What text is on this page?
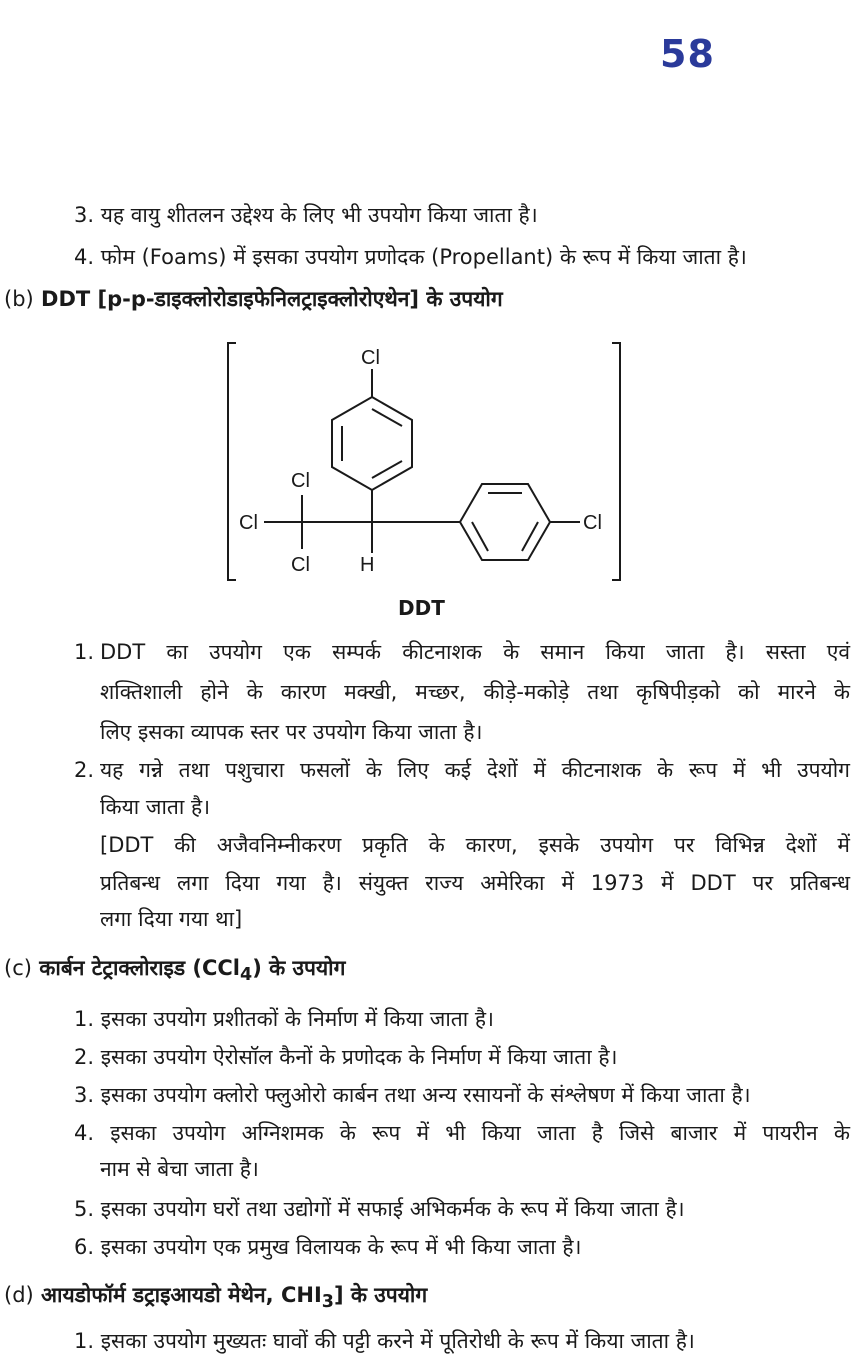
58
3. यह वायु शीतलन उद्देश्य के लिए भी उपयोग किया जाता है।
4. फोम (Foams) में इसका उपयोग प्रणोदक (Propellant) के रूप में किया जाता है।
(b) DDT [p-p-डाइक्लोरोडाइफेनिलट्राइक्लोरोएथेन] के उपयोग
Cl
Cl
Cl
Cl	H
Cl
DDT
1. DDT का उपयोग एक सम्पर्क कीटनाशक के समान किया जाता है। सस्ता एवं
शक्तिशाली होने के कारण मक्खी, मच्छर, कीड़े-मकोड़े तथा कृषिपीड़को को मारने के
लिए इसका व्यापक स्तर पर उपयोग किया जाता है।
2. यह गन्ने तथा पशुचारा फसलों के लिए कई देशों में कीटनाशक के रूप में भी उपयोग
किया जाता है।
[DDT की अजैवनिम्नीकरण प्रकृति के कारण, इसके उपयोग पर विभिन्न देशों में
प्रतिबन्ध लगा दिया गया है। संयुक्त राज्य अमेरिका में 1973 में DDT पर प्रतिबन्ध
लगा दिया गया था]
(c) कार्बन टेट्राक्लोराइड (CCl$_4$) के उपयोग
1. इसका उपयोग प्रशीतकों के निर्माण में किया जाता है।
2. इसका उपयोग ऐरोसॉल कैनों के प्रणोदक के निर्माण में किया जाता है।
3. इसका उपयोग क्लोरो फ्लुओरो कार्बन तथा अन्य रसायनों के संश्लेषण में किया जाता है।
4. इसका उपयोग अग्निशमक के रूप में भी किया जाता है जिसे बाजार में पायरीन के
नाम से बेचा जाता है।
5. इसका उपयोग घरों तथा उद्योगों में सफाई अभिकर्मक के रूप में किया जाता है।
6. इसका उपयोग एक प्रमुख विलायक के रूप में भी किया जाता है।
(d) आयडोफॉर्म डट्राइआयडो मेथेन, $CHI_3$] के उपयोग
1. इसका उपयोग मुख्यतः घावों की पट्टी करने में पूतिरोधी के रूप में किया जाता है।
